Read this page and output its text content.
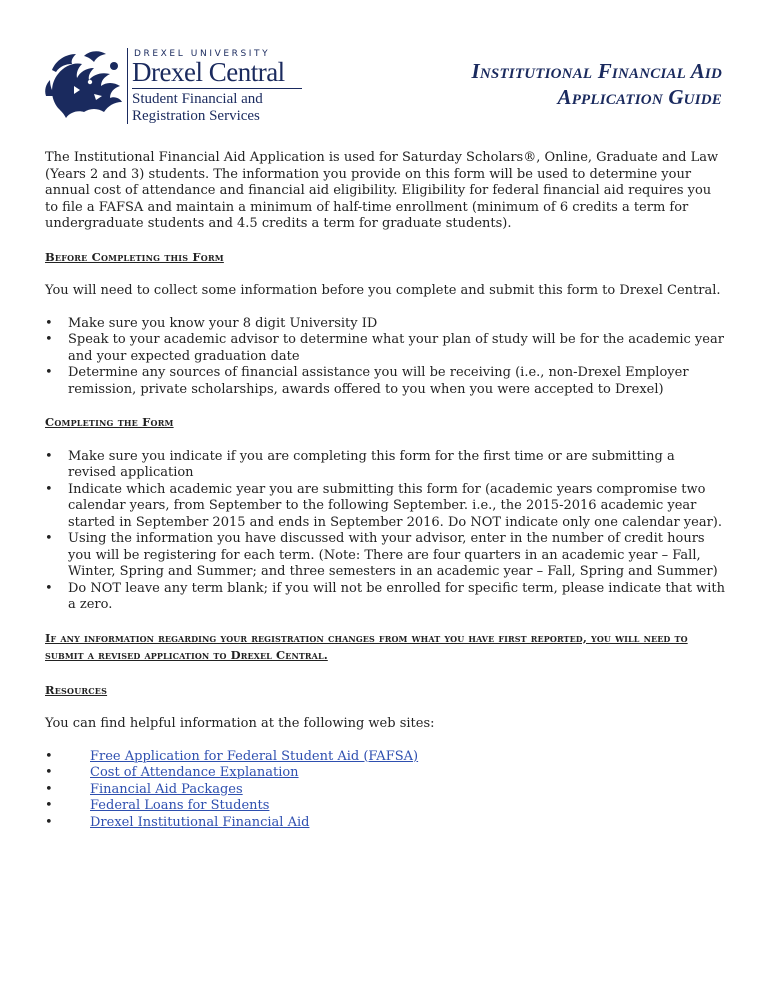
DREXEL UNIVERSITY
Drexel Central
Student Financial and
Registration Services
Institutional Financial Aid
Application Guide

The Institutional Financial Aid Application is used for Saturday Scholars®, Online, Graduate and Law (Years 2 and 3) students. The information you provide on this form will be used to determine your annual cost of attendance and financial aid eligibility. Eligibility for federal financial aid requires you to file a FAFSA and maintain a minimum of half-time enrollment (minimum of 6 credits a term for undergraduate students and 4.5 credits a term for graduate students).

Before Completing this Form

You will need to collect some information before you complete and submit this form to Drexel Central.

• Make sure you know your 8 digit University ID
• Speak to your academic advisor to determine what your plan of study will be for the academic year and your expected graduation date
• Determine any sources of financial assistance you will be receiving (i.e., non-Drexel Employer remission, private scholarships, awards offered to you when you were accepted to Drexel)
Completing the Form
• Make sure you indicate if you are completing this form for the first time or are submitting a revised application
• Indicate which academic year you are submitting this form for (academic years compromise two calendar years, from September to the following September. i.e., the 2015-2016 academic year started in September 2015 and ends in September 2016. Do NOT indicate only one calendar year).
• Using the information you have discussed with your advisor, enter in the number of credit hours you will be registering for each term. (Note: There are four quarters in an academic year – Fall, Winter, Spring and Summer; and three semesters in an academic year – Fall, Spring and Summer)
• Do NOT leave any term blank; if you will not be enrolled for specific term, please indicate that with a zero.
If any information regarding your registration changes from what you have first reported, you will need to submit a revised application to Drexel Central.
Resources

You can find helpful information at the following web sites:

•	Free Application for Federal Student Aid (FAFSA)
•	Cost of Attendance Explanation
•	Financial Aid Packages
•	Federal Loans for Students
•	Drexel Institutional Financial Aid
